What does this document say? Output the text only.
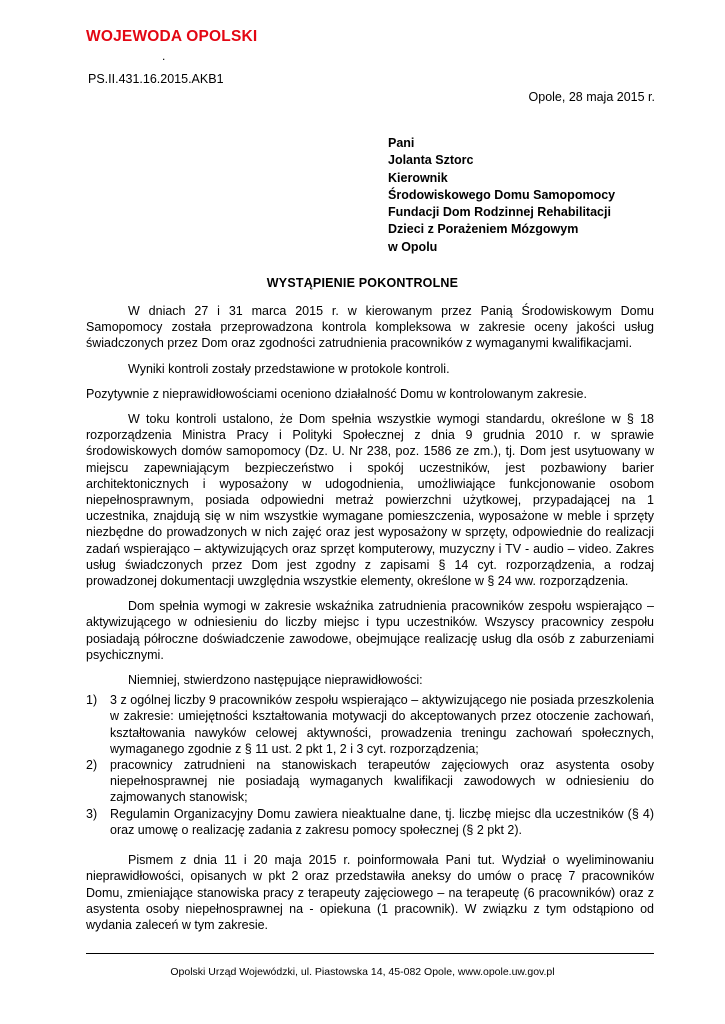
WOJEWODA OPOLSKI
.
PS.II.431.16.2015.AKB1
Opole, 28 maja 2015 r.
Pani
Jolanta Sztorc
Kierownik
Środowiskowego Domu Samopomocy
Fundacji Dom Rodzinnej Rehabilitacji
Dzieci z Porażeniem Mózgowym
w Opolu
WYSTĄPIENIE POKONTROLNE

W dniach 27 i 31 marca 2015 r. w kierowanym przez Panią Środowiskowym Domu Samopomocy została przeprowadzona kontrola kompleksowa w zakresie oceny jakości usług świadczonych przez Dom oraz zgodności zatrudnienia pracowników z wymaganymi kwalifikacjami.

Wyniki kontroli zostały przedstawione w protokole kontroli.

Pozytywnie z nieprawidłowościami oceniono działalność Domu w kontrolowanym zakresie.

W toku kontroli ustalono, że Dom spełnia wszystkie wymogi standardu, określone w § 18 rozporządzenia Ministra Pracy i Polityki Społecznej z dnia 9 grudnia 2010 r. w sprawie środowiskowych domów samopomocy (Dz. U. Nr 238, poz. 1586 ze zm.), tj. Dom jest usytuowany w miejscu zapewniającym bezpieczeństwo i spokój uczestników, jest pozbawiony barier architektonicznych i wyposażony w udogodnienia, umożliwiające funkcjonowanie osobom niepełnosprawnym, posiada odpowiedni metraż powierzchni użytkowej, przypadającej na 1 uczestnika, znajdują się w nim wszystkie wymagane pomieszczenia, wyposażone w meble i sprzęty niezbędne do prowadzonych w nich zajęć oraz jest wyposażony w sprzęty, odpowiednie do realizacji zadań wspierająco – aktywizujących oraz sprzęt komputerowy, muzyczny i TV - audio – video. Zakres usług świadczonych przez Dom jest zgodny z zapisami § 14 cyt. rozporządzenia, a rodzaj prowadzonej dokumentacji uwzględnia wszystkie elementy, określone w § 24 ww. rozporządzenia.

Dom spełnia wymogi w zakresie wskaźnika zatrudnienia pracowników zespołu wspierająco – aktywizującego w odniesieniu do liczby miejsc i typu uczestników. Wszyscy pracownicy zespołu posiadają półroczne doświadczenie zawodowe, obejmujące realizację usług dla osób z zaburzeniami psychicznymi.

Niemniej, stwierdzono następujące nieprawidłowości:

1) 3 z ogólnej liczby 9 pracowników zespołu wspierająco – aktywizującego nie posiada przeszkolenia w zakresie: umiejętności kształtowania motywacji do akceptowanych przez otoczenie zachowań, kształtowania nawyków celowej aktywności, prowadzenia treningu zachowań społecznych, wymaganego zgodnie z § 11 ust. 2 pkt 1, 2 i 3 cyt. rozporządzenia;
2) pracownicy zatrudnieni na stanowiskach terapeutów zajęciowych oraz asystenta osoby niepełnosprawnej nie posiadają wymaganych kwalifikacji zawodowych w odniesieniu do zajmowanych stanowisk;
3) Regulamin Organizacyjny Domu zawiera nieaktualne dane, tj. liczbę miejsc dla uczestników (§ 4) oraz umowę o realizację zadania z zakresu pomocy społecznej (§ 2 pkt 2).

Pismem z dnia 11 i 20 maja 2015 r. poinformowała Pani tut. Wydział o wyeliminowaniu nieprawidłowości, opisanych w pkt 2 oraz przedstawiła aneksy do umów o pracę 7 pracowników Domu, zmieniające stanowiska pracy z terapeuty zajęciowego – na terapeutę (6 pracowników) oraz z asystenta osoby niepełnosprawnej na - opiekuna (1 pracownik). W związku z tym odstąpiono od wydania zaleceń w tym zakresie.

Opolski Urząd Wojewódzki, ul. Piastowska 14, 45-082 Opole, www.opole.uw.gov.pl
